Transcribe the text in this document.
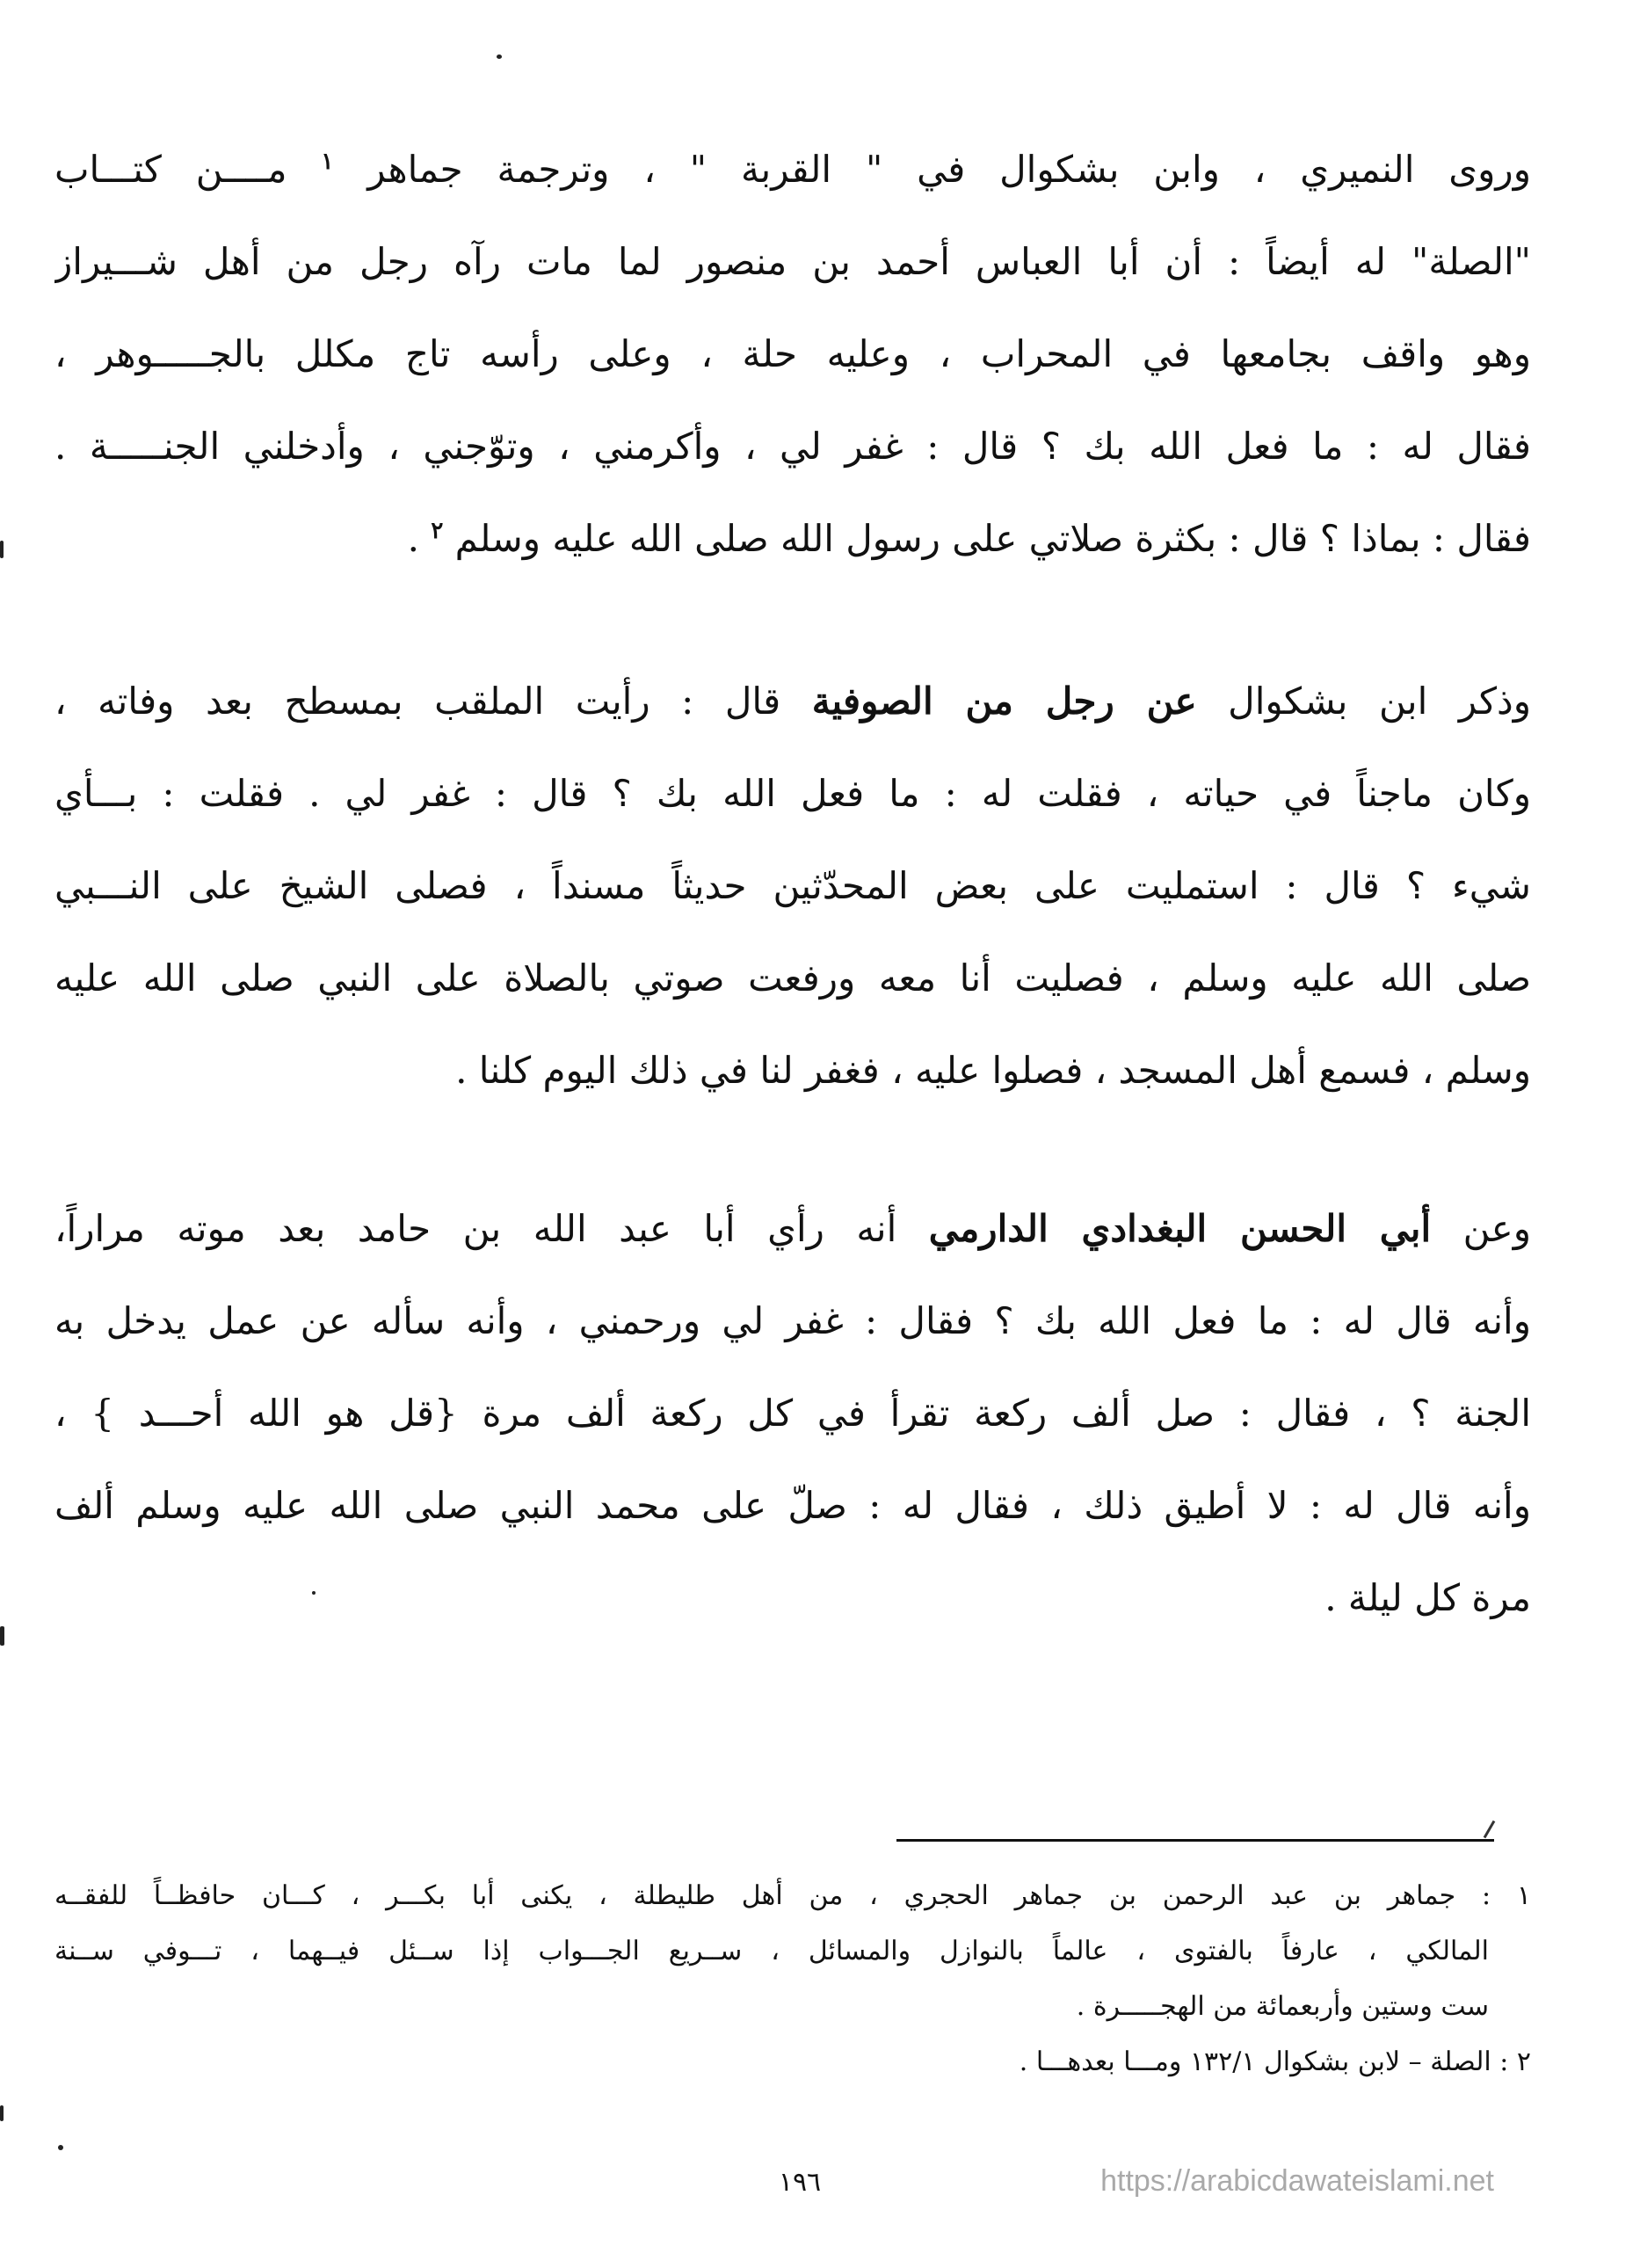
وروى النميري ، وابن بشكوال في " القربة " ، وترجمة جماهر $^١$ مــــن كتـــاب
"الصلة" له أيضاً : أن أبا العباس أحمد بن منصور لما مات رآه رجل من أهل شـــيراز
وهو واقف بجامعها في المحراب ، وعليه حلة ، وعلى رأسه تاج مكلل بالجـــــوهر ،
فقال له : ما فعل الله بك ؟ قال : غفر لي ، وأكرمني ، وتوّجني ، وأدخلني الجنـــــة .
فقال : بماذا ؟ قال : بكثرة صلاتي على رسول الله صلى الله عليه وسلم $^٢$ .
وذكر ابن بشكوال عن رجل من الصوفية قال : رأيت الملقب بمسطح بعد وفاته ،
وكان ماجناً في حياته ، فقلت له : ما فعل الله بك ؟ قال : غفر لي . فقلت : بـــأي
شيء ؟ قال : استمليت على بعض المحدّثين حديثاً مسنداً ، فصلى الشيخ على النـــبي
صلى الله عليه وسلم ، فصليت أنا معه ورفعت صوتي بالصلاة على النبي صلى الله عليه
وسلم ، فسمع أهل المسجد ، فصلوا عليه ، فغفر لنا في ذلك اليوم كلنا .
وعن أبي الحسن البغدادي الدارمي أنه رأي أبا عبد الله بن حامد بعد موته مراراً،
وأنه قال له : ما فعل الله بك ؟ فقال : غفر لي ورحمني ، وأنه سأله عن عمل يدخل به
الجنة ؟ ، فقال : صل ألف ركعة تقرأ في كل ركعة ألف مرة {قل هو الله أحـــد } ،
وأنه قال له : لا أطيق ذلك ، فقال له : صلّ على محمد النبي صلى الله عليه وسلم ألف
مرة كل ليلة .
١ : جماهر بن عبد الرحمن بن جماهر الحجري ، من أهل طليطلة ، يكنى أبا بكـــر ، كـــان حافظــاً للفقــه
المالكي ، عارفاً بالفتوى ، عالماً بالنوازل والمسائل ، ســريع الجـــواب إذا ســئل فيــهما ، تـــوفي ســنة
ست وستين وأربعمائة من الهجـــــرة .
٢ : الصلة – لابن بشكوال ١٣٢/١ ومـــا بعدهـــا .
١٩٦	https://arabicdawateislami.net
